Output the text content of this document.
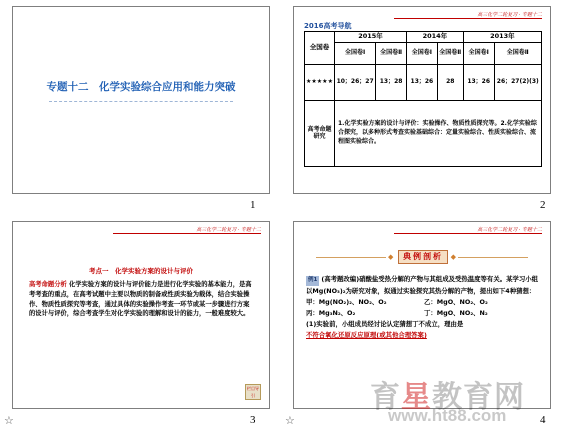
专题十二　化学实验综合应用和能力突破
1
高三化学二轮复习 · 专题十二
2016高考导航
全国卷	2015年		2014年		2013年	
	全国卷Ⅰ	全国卷Ⅱ	全国卷Ⅰ	全国卷Ⅱ	全国卷Ⅰ	全国卷Ⅱ
★★★★★	10；26；27	13；28	13；26	28	13；26	26；27(2)(3)
高考命题研究	1.化学实验方案的设计与评价：实验操作、物质性质探究等。2.化学实验综合探究，以多种形式考查实验基础综合：定量实验综合、性质实验综合、流程图实验综合。					
2
高三化学二轮复习 · 专题十二
考点一　化学实验方案的设计与评价
高考命题分析 化学实验方案的设计与评价能力是进行化学实验的基本能力，是高考考查的重点，在高考试题中主要以物质的制备或性质实验为载体，结合实验操作、物质性质探究等考查，通过具体的实验操作考查一环节或某一步骤进行方案的设计与评价，综合考查学生对化学实验的理解和设计的能力，一般难度较大。
栏目导引
3
☆
高三化学二轮复习 · 专题十二
◆	典例剖析	◆
例1 (高考题改编)硝酸盐受热分解的产物与其组成及受热温度等有关。某学习小组以Mg(NO₃)₂为研究对象，拟通过实验探究其热分解的产物，提出如下4种猜想：
甲：Mg(NO₂)₂、NO₂、O₂	乙：MgO、NO₂、O₂
丙：Mg₃N₂、O₂	丁：MgO、NO₂、N₂
(1)实验前，小组成员经讨论认定猜想丁不成立，理由是
不符合氧化还原反应原理(或其他合理答案)
4
☆
育星教育网
www.ht88.com
